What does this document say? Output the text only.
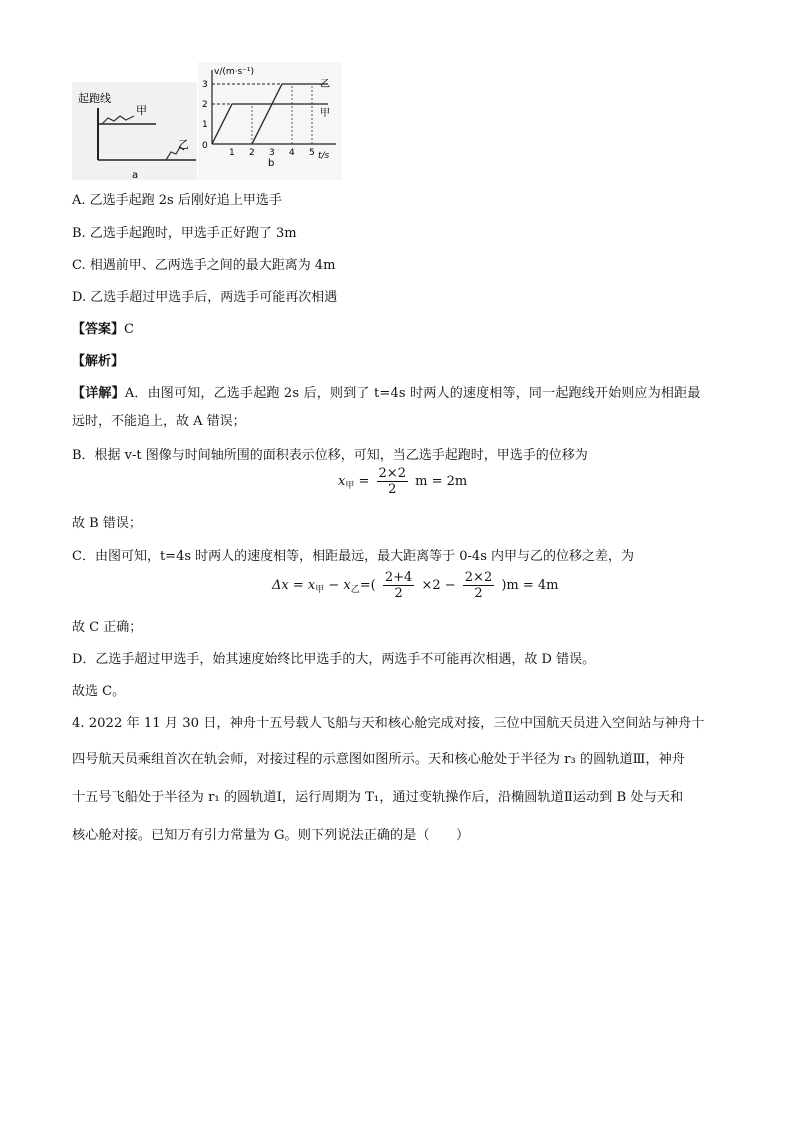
起跑线
甲
乙
a
v/(m·s⁻¹)
t/s
0
b
1 2 3 4 5
1
2
3	乙
甲
A. 乙选手起跑 2s 后刚好追上甲选手
B. 乙选手起跑时，甲选手正好跑了 3m
C. 相遇前甲、乙两选手之间的最大距离为 4m
D. 乙选手超过甲选手后，两选手可能再次相遇
【答案】C
【解析】
【详解】A．由图可知，乙选手起跑 2s 后，则到了 t=4s 时两人的速度相等，同一起跑线开始则应为相距最
远时，不能追上，故 A 错误；
B．根据 v-t 图像与时间轴所围的面积表示位移，可知，当乙选手起跑时，甲选手的位移为
$x_甲 = \frac{2\times 2}{2}$ m = 2m
故 B 错误；
C．由图可知，t=4s 时两人的速度相等，相距最远，最大距离等于 0-4s 内甲与乙的位移之差，为
$\Delta x = x_甲 - x_乙=( \frac{2+4}{2} \times 2 - \frac{2\times 2}{2} )m = 4m$
故 C 正确；
D．乙选手超过甲选手，始其速度始终比甲选手的大，两选手不可能再次相遇，故 D 错误。
故选 C。
4. 2022 年 11 月 30 日，神舟十五号载人飞船与天和核心舱完成对接，三位中国航天员进入空间站与神舟十
四号航天员乘组首次在轨会师，对接过程的示意图如图所示。天和核心舱处于半径为 r₃ 的圆轨道Ⅲ，神舟
十五号飞船处于半径为 r₁ 的圆轨道Ⅰ，运行周期为 T₁，通过变轨操作后，沿椭圆轨道Ⅱ运动到 B 处与天和
核心舱对接。已知万有引力常量为 G。则下列说法正确的是（　　）
